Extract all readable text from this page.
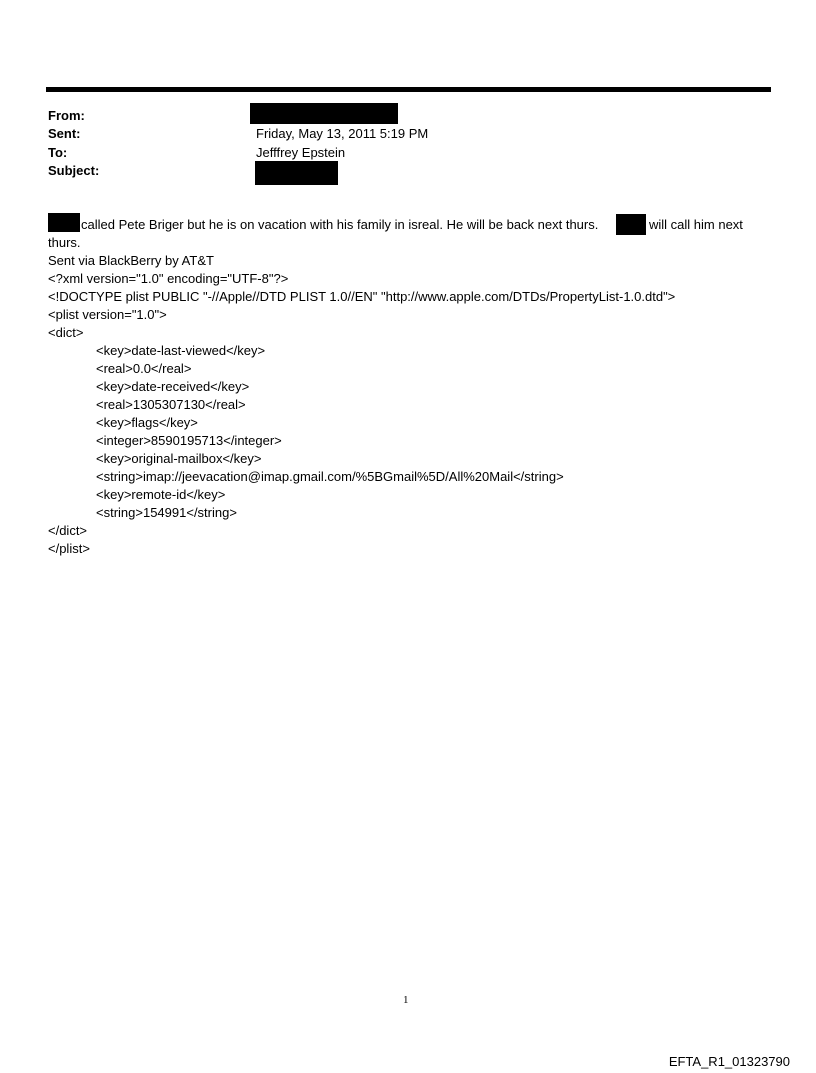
From:
Sent:	Friday, May 13, 2011 5:19 PM
To:	Jefffrey Epstein
Subject:
called Pete Briger but he is on vacation with his family in isreal. He will be back next thurs.	will call him next
thurs.
Sent via BlackBerry by AT&T
<?xml version="1.0" encoding="UTF-8"?>
<!DOCTYPE plist PUBLIC "-//Apple//DTD PLIST 1.0//EN" "http://www.apple.com/DTDs/PropertyList-1.0.dtd">
<plist version="1.0">
<dict>
<key>date-last-viewed</key>
<real>0.0</real>
<key>date-received</key>
<real>1305307130</real>
<key>flags</key>
<integer>8590195713</integer>
<key>original-mailbox</key>
<string>imap://jeevacation@imap.gmail.com/%5BGmail%5D/All%20Mail</string>
<key>remote-id</key>
<string>154991</string>
</dict>
</plist>
1
EFTA_R1_01323790
